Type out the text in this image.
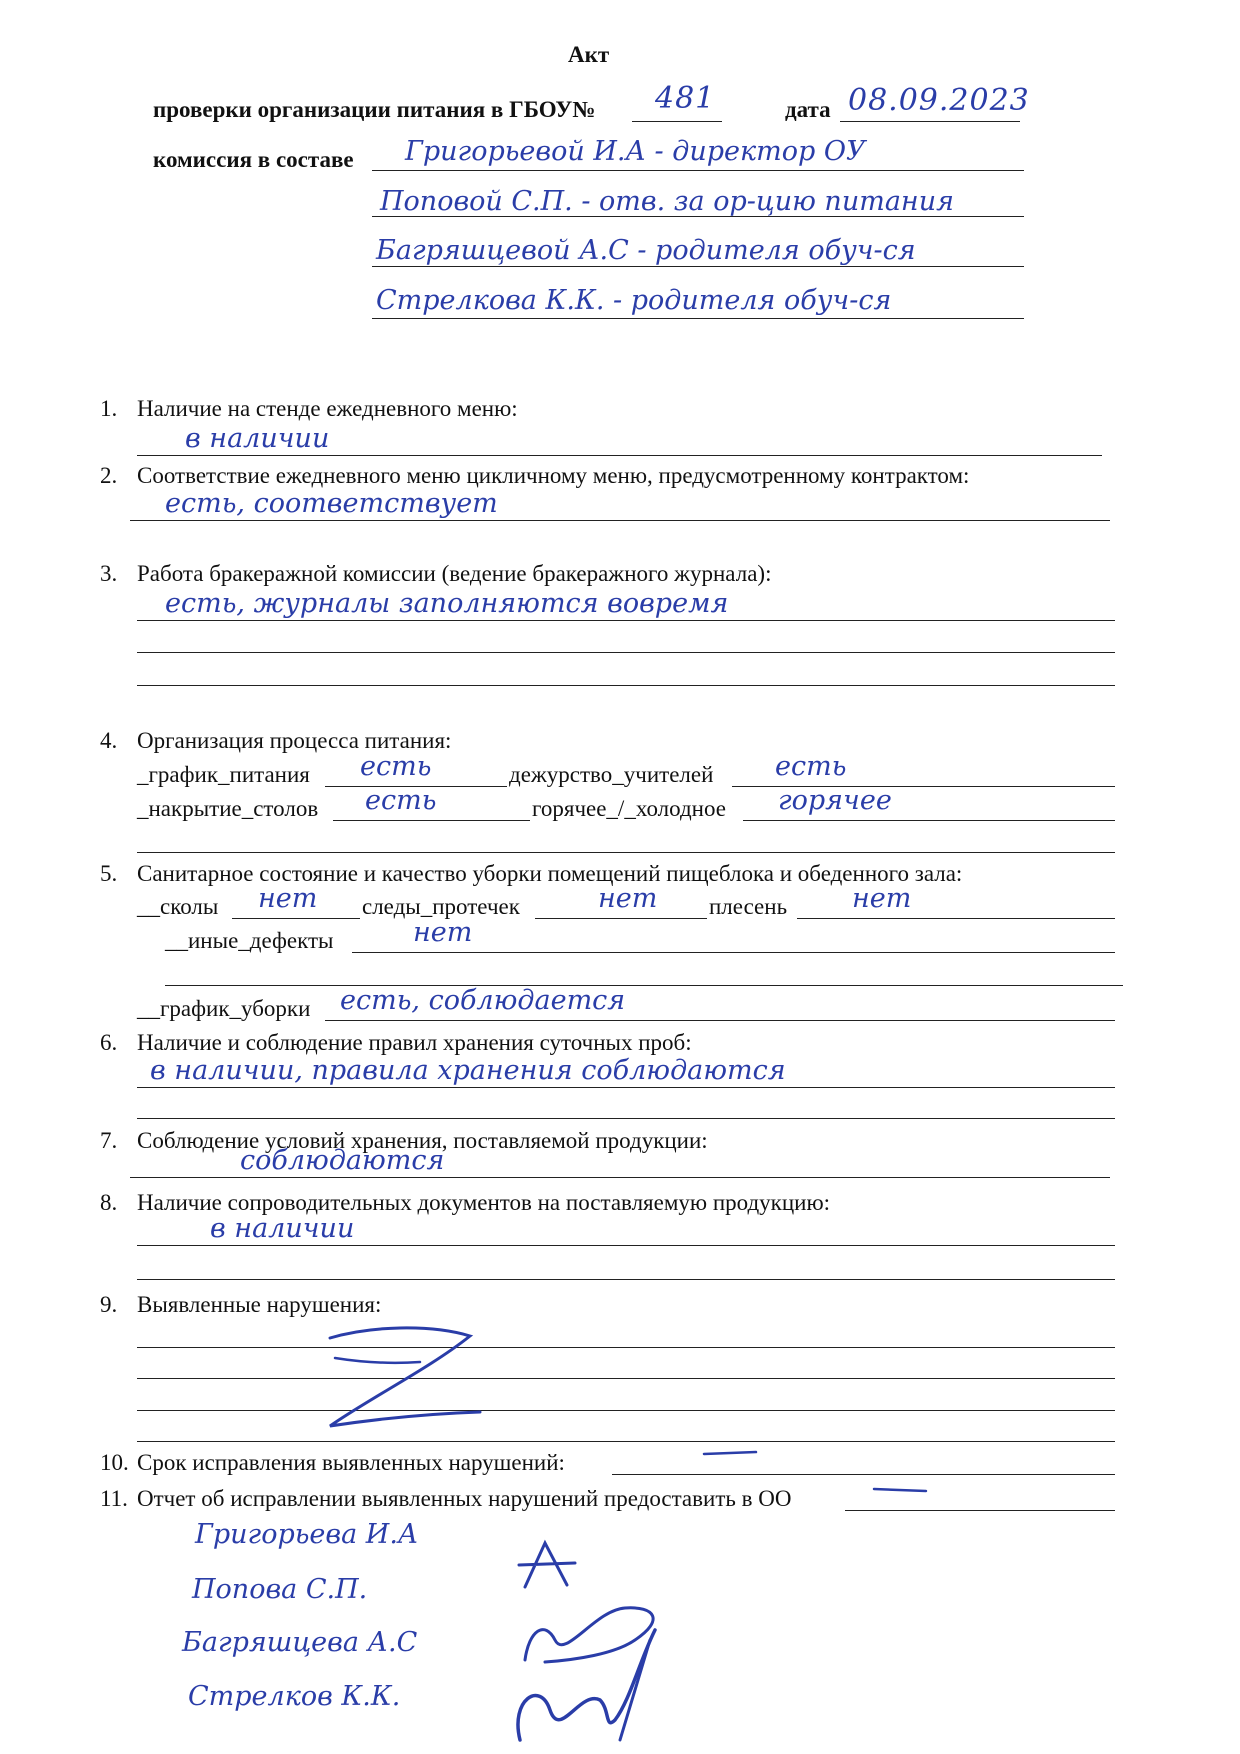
Акт
проверки организации питания в ГБОУ№ 481	дата 08.09.2023
комиссия в составе Григорьевой И.А - директор ОУ
Поповой С.П. - отв. за ор-цию питания
Багряшцевой А.С - родителя обуч-ся
Стрелкова К.К. - родителя обуч-ся
1. Наличие на стенде ежедневного меню:
в наличии
2. Соответствие ежедневного меню цикличному меню, предусмотренному контрактом:
есть, соответствует
3. Работа бракеражной комиссии (ведение бракеражного журнала):
есть, журналы заполняются вовремя
4. Организация процесса питания:
_график_питания есть	дежурство_учителей есть
_накрытие_столов есть	горячее_/_холодное горячее
5. Санитарное состояние и качество уборки помещений пищеблока и обеденного зала:
__сколы нет следы_протечек	нет плесень нет
__иные_дефекты	нет
__график_уборки есть, соблюдается
6. Наличие и соблюдение правил хранения суточных проб:
в наличии, правила хранения соблюдаются
7. Соблюдение условий хранения, поставляемой продукции:
соблюдаются
8. Наличие сопроводительных документов на поставляемую продукцию:
в наличии
9. Выявленные нарушения:
10. Срок исправления выявленных нарушений:
11. Отчет об исправлении выявленных нарушений предоставить в ОО
Григорьева И.А
Попова С.П.
Багряшцева А.С
Стрелков К.К.
